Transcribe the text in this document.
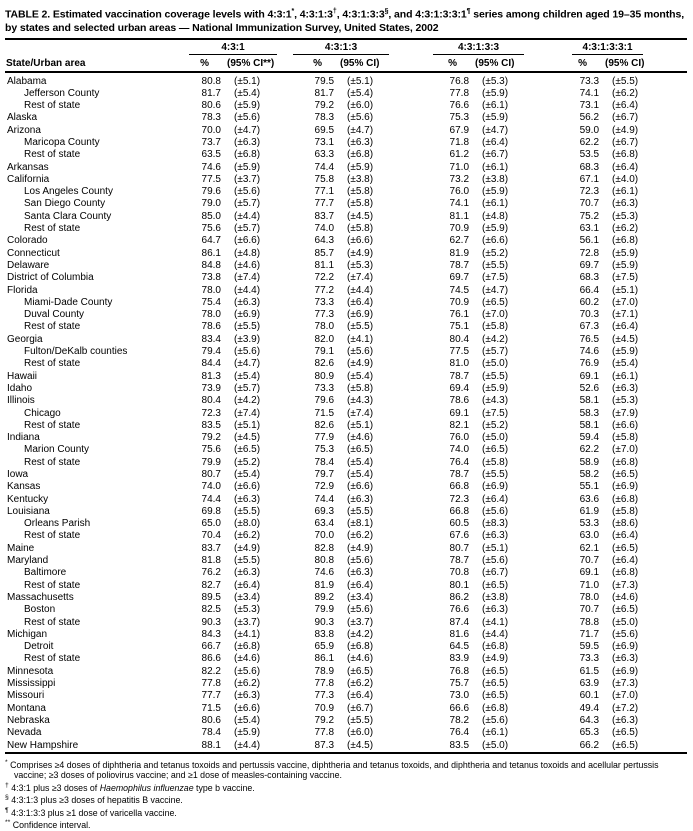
TABLE 2. Estimated vaccination coverage levels with 4:3:1*, 4:3:1:3†, 4:3:1:3:3§, and 4:3:1:3:3:1¶ series among children aged 19–35 months, by states and selected urban areas — National Immunization Survey, United States, 2002

	4:3:1		4:3:1:3		4:3:1:3:3		4:3:1:3:3:1		

State/Urban area	%	(95% CI**)	%	(95% CI)	%	(95% CI)	%	(95% CI)	
Alabama	80.8	(±5.1)	79.5	(±5.1)	76.8	(±5.3)	73.3	(±5.5)	
Jefferson County	81.7	(±5.4)	81.7	(±5.4)	77.8	(±5.9)	74.1	(±6.2)	
Rest of state	80.6	(±5.9)	79.2	(±6.0)	76.6	(±6.1)	73.1	(±6.4)	
Alaska	78.3	(±5.6)	78.3	(±5.6)	75.3	(±5.9)	56.2	(±6.7)	
Arizona	70.0	(±4.7)	69.5	(±4.7)	67.9	(±4.7)	59.0	(±4.9)	
Maricopa County	73.7	(±6.3)	73.1	(±6.3)	71.8	(±6.4)	62.2	(±6.7)	
Rest of state	63.5	(±6.8)	63.3	(±6.8)	61.2	(±6.7)	53.5	(±6.8)	
Arkansas	74.6	(±5.9)	74.4	(±5.9)	71.0	(±6.1)	68.3	(±6.4)	
California	77.5	(±3.7)	75.8	(±3.8)	73.2	(±3.8)	67.1	(±4.0)	
Los Angeles County	79.6	(±5.6)	77.1	(±5.8)	76.0	(±5.9)	72.3	(±6.1)	
San Diego County	79.0	(±5.7)	77.7	(±5.8)	74.1	(±6.1)	70.7	(±6.3)	
Santa Clara County	85.0	(±4.4)	83.7	(±4.5)	81.1	(±4.8)	75.2	(±5.3)	
Rest of state	75.6	(±5.7)	74.0	(±5.8)	70.9	(±5.9)	63.1	(±6.2)	
Colorado	64.7	(±6.6)	64.3	(±6.6)	62.7	(±6.6)	56.1	(±6.8)	
Connecticut	86.1	(±4.8)	85.7	(±4.9)	81.9	(±5.2)	72.8	(±5.9)	
Delaware	84.8	(±4.6)	81.1	(±5.3)	78.7	(±5.5)	69.7	(±5.9)	
District of Columbia	73.8	(±7.4)	72.2	(±7.4)	69.7	(±7.5)	68.3	(±7.5)	
Florida	78.0	(±4.4)	77.2	(±4.4)	74.5	(±4.7)	66.4	(±5.1)	
Miami-Dade County	75.4	(±6.3)	73.3	(±6.4)	70.9	(±6.5)	60.2	(±7.0)	
Duval County	78.0	(±6.9)	77.3	(±6.9)	76.1	(±7.0)	70.3	(±7.1)	
Rest of state	78.6	(±5.5)	78.0	(±5.5)	75.1	(±5.8)	67.3	(±6.4)	
Georgia	83.4	(±3.9)	82.0	(±4.1)	80.4	(±4.2)	76.5	(±4.5)	
Fulton/DeKalb counties	79.4	(±5.6)	79.1	(±5.6)	77.5	(±5.7)	74.6	(±5.9)	
Rest of state	84.4	(±4.7)	82.6	(±4.9)	81.0	(±5.0)	76.9	(±5.4)	
Hawaii	81.3	(±5.4)	80.9	(±5.4)	78.7	(±5.5)	69.1	(±6.1)	
Idaho	73.9	(±5.7)	73.3	(±5.8)	69.4	(±5.9)	52.6	(±6.3)	
Illinois	80.4	(±4.2)	79.6	(±4.3)	78.6	(±4.3)	58.1	(±5.3)	
Chicago	72.3	(±7.4)	71.5	(±7.4)	69.1	(±7.5)	58.3	(±7.9)	
Rest of state	83.5	(±5.1)	82.6	(±5.1)	82.1	(±5.2)	58.1	(±6.6)	
Indiana	79.2	(±4.5)	77.9	(±4.6)	76.0	(±5.0)	59.4	(±5.8)	
Marion County	75.6	(±6.5)	75.3	(±6.5)	74.0	(±6.5)	62.2	(±7.0)	
Rest of state	79.9	(±5.2)	78.4	(±5.4)	76.4	(±5.8)	58.9	(±6.8)	
Iowa	80.7	(±5.4)	79.7	(±5.4)	78.7	(±5.5)	58.2	(±6.5)	
Kansas	74.0	(±6.6)	72.9	(±6.6)	66.8	(±6.9)	55.1	(±6.9)	
Kentucky	74.4	(±6.3)	74.4	(±6.3)	72.3	(±6.4)	63.6	(±6.8)	
Louisiana	69.8	(±5.5)	69.3	(±5.5)	66.8	(±5.6)	61.9	(±5.8)	
Orleans Parish	65.0	(±8.0)	63.4	(±8.1)	60.5	(±8.3)	53.3	(±8.6)	
Rest of state	70.4	(±6.2)	70.0	(±6.2)	67.6	(±6.3)	63.0	(±6.4)	
Maine	83.7	(±4.9)	82.8	(±4.9)	80.7	(±5.1)	62.1	(±6.5)	
Maryland	81.8	(±5.5)	80.8	(±5.6)	78.7	(±5.6)	70.7	(±6.4)	
Baltimore	76.2	(±6.3)	74.6	(±6.3)	70.8	(±6.7)	69.1	(±6.8)	
Rest of state	82.7	(±6.4)	81.9	(±6.4)	80.1	(±6.5)	71.0	(±7.3)	
Massachusetts	89.5	(±3.4)	89.2	(±3.4)	86.2	(±3.8)	78.0	(±4.6)	
Boston	82.5	(±5.3)	79.9	(±5.6)	76.6	(±6.3)	70.7	(±6.5)	
Rest of state	90.3	(±3.7)	90.3	(±3.7)	87.4	(±4.1)	78.8	(±5.0)	
Michigan	84.3	(±4.1)	83.8	(±4.2)	81.6	(±4.4)	71.7	(±5.6)	
Detroit	66.7	(±6.8)	65.9	(±6.8)	64.5	(±6.8)	59.5	(±6.9)	
Rest of state	86.6	(±4.6)	86.1	(±4.6)	83.9	(±4.9)	73.3	(±6.3)	
Minnesota	82.2	(±5.6)	78.9	(±6.5)	76.8	(±6.5)	61.5	(±6.9)	
Mississippi	77.8	(±6.2)	77.8	(±6.2)	75.7	(±6.5)	63.9	(±7.3)	
Missouri	77.7	(±6.3)	77.3	(±6.4)	73.0	(±6.5)	60.1	(±7.0)	
Montana	71.5	(±6.6)	70.9	(±6.7)	66.6	(±6.8)	49.4	(±7.2)	
Nebraska	80.6	(±5.4)	79.2	(±5.5)	78.2	(±5.6)	64.3	(±6.3)	
Nevada	78.4	(±5.9)	77.8	(±6.0)	76.4	(±6.1)	65.3	(±6.5)	
New Hampshire	88.1	(±4.4)	87.3	(±4.5)	83.5	(±5.0)	66.2	(±6.5)	
* Comprises ≥4 doses of diphtheria and tetanus toxoids and pertussis vaccine, diphtheria and tetanus toxoids, and diphtheria and tetanus toxoids and acellular pertussis vaccine; ≥3 doses of poliovirus vaccine; and ≥1 dose of measles-containing vaccine.
† 4:3:1 plus ≥3 doses of Haemophilus influenzae type b vaccine.
§ 4:3:1:3 plus ≥3 doses of hepatitis B vaccine.
¶ 4:3:1:3:3 plus ≥1 dose of varicella vaccine.
** Confidence interval.
